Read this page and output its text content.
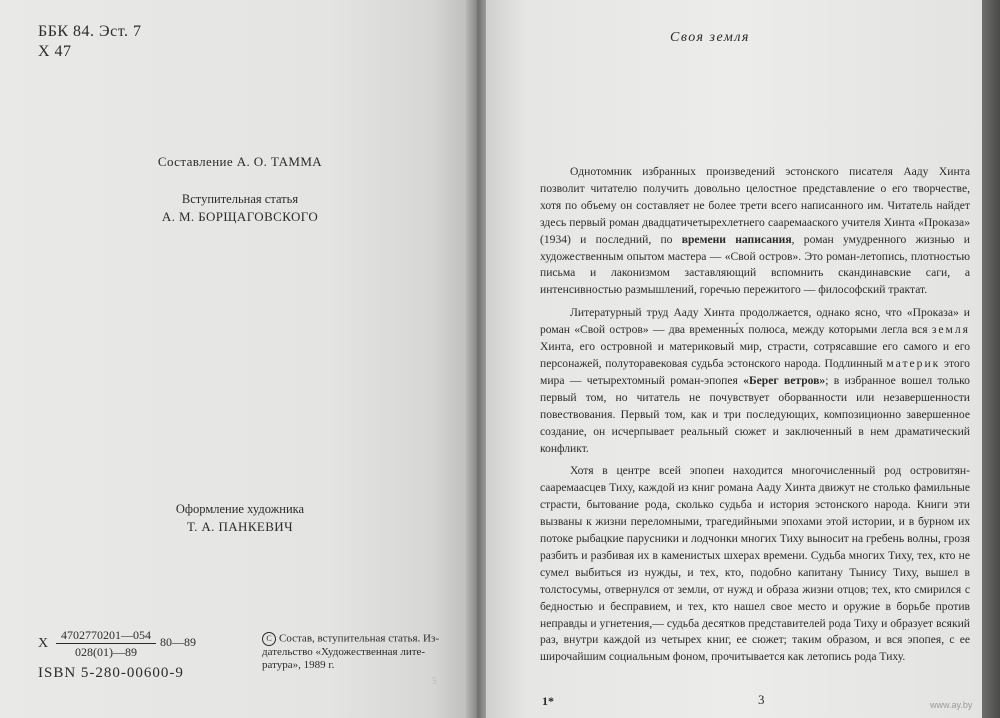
ББК 84. Эст. 7
Х 47
Составление А. О. ТАММА
Вступительная статья
А. М. БОРЩАГОВСКОГО
Оформление художника
Т. А. ПАНКЕВИЧ
Х $\frac{4702770201—054}{028(01)—89}$ 80—89
ISBN 5-280-00600-9
C Состав, вступительная статья. Из-
дательство «Художественная лите-
ратура», 1989 г.
5
Своя земля

Однотомник избранных произведений эстонского писателя Ааду Хинта позволит читателю получить довольно целостное представление о его творчестве, хотя по объему он составляет не более трети всего написанного им. Читатель найдет здесь первый роман двадцатичетырехлетнего сааремааского учителя Хинта «Проказа» (1934) и последний, по времени написания, роман умудренного жизнью и художественным опытом мастера — «Свой остров». Это роман-летопись, плотностью письма и лаконизмом заставляющий вспомнить скандинавские саги, а интенсивностью размышлений, горечью пережитого — философский трактат.

Литературный труд Ааду Хинта продолжается, однако ясно, что «Проказа» и роман «Свой остров» — два временны́х полюса, между которыми легла вся земля Хинта, его островной и материковый мир, страсти, сотрясавшие его самого и его персонажей, полуторавековая судьба эстонского народа. Подлинный материк этого мира — четырехтомный роман-эпопея «Берег ветров»; в избранное вошел только первый том, но читатель не почувствует оборванности или незавершенности повествования. Первый том, как и три последующих, композиционно завершенное создание, он исчерпывает реальный сюжет и заключенный в нем драматический конфликт.

Хотя в центре всей эпопеи находится многочисленный род островитян-сааремаасцев Тиху, каждой из книг романа Ааду Хинта движут не столько фамильные страсти, бытование рода, сколько судьба и история эстонского народа. Книги эти вызваны к жизни переломными, трагедийными эпохами этой истории, и в бурном их потоке рыбацкие парусники и лодчонки многих Тиху выносит на гребень волны, грозя разбить и разбивая их в каменистых шхерах времени. Судьба многих Тиху, тех, кто не сумел выбиться из нужды, и тех, кто, подобно капитану Тынису Тиху, вышел в толстосумы, отвернулся от земли, от нужд и образа жизни отцов; тех, кто смирился с бедностью и бесправием, и тех, кто нашел свое место и оружие в борьбе против неправды и угнетения,— судьба десятков представителей рода Тиху и образует всякий раз, внутри каждой из четырех книг, ее сюжет; таким образом, и вся эпопея, с ее широчайшим социальным фоном, прочитывается как летопись рода Тиху.

1*	3	www.ay.by
